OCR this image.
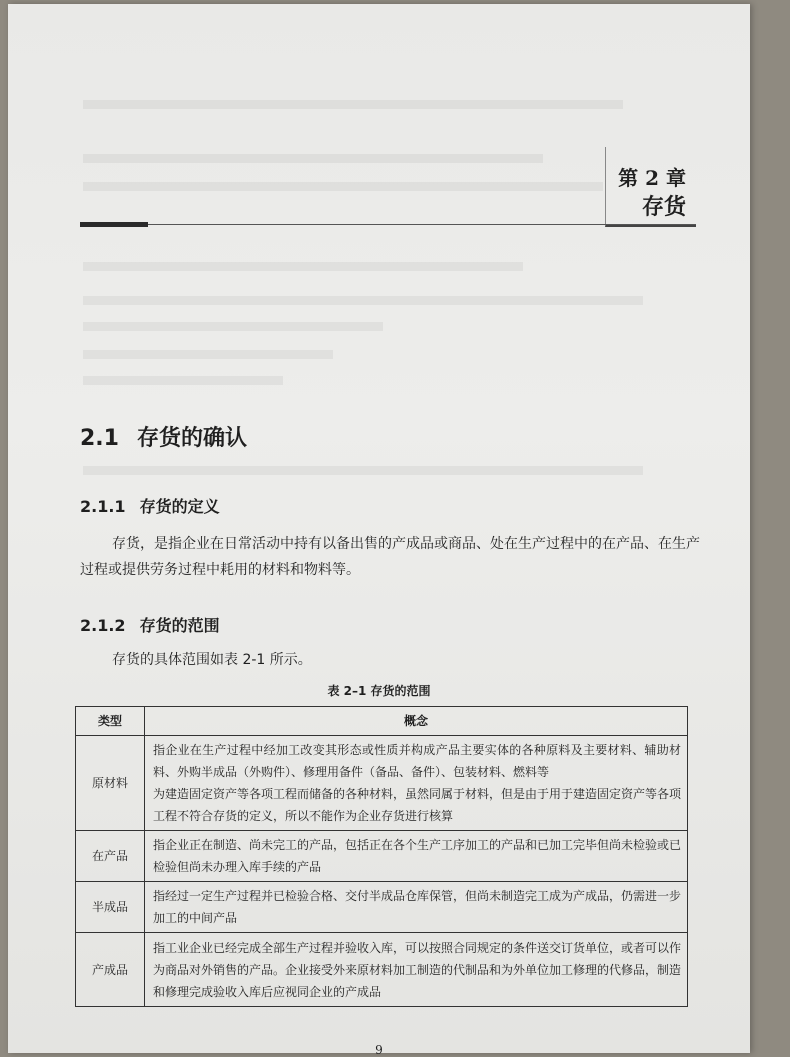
第 2 章
存货
2.1 存货的确认
2.1.1 存货的定义
存货，是指企业在日常活动中持有以备出售的产成品或商品、处在生产过程中的在产品、在生产过程或提供劳务过程中耗用的材料和物料等。
2.1.2 存货的范围
存货的具体范围如表 2-1 所示。
表 2–1 存货的范围
类型	概念
原材料	指企业在生产过程中经加工改变其形态或性质并构成产品主要实体的各种原料及主要材料、辅助材料、外购半成品（外购件）、修理用备件（备品、备件）、包装材料、燃料等
为建造固定资产等各项工程而储备的各种材料，虽然同属于材料，但是由于用于建造固定资产等各项工程不符合存货的定义，所以不能作为企业存货进行核算

在产品	指企业正在制造、尚未完工的产品，包括正在各个生产工序加工的产品和已加工完毕但尚未检验或已检验但尚未办理入库手续的产品
半成品	指经过一定生产过程并已检验合格、交付半成品仓库保管，但尚未制造完工成为产成品，仍需进一步加工的中间产品
产成品	指工业企业已经完成全部生产过程并验收入库，可以按照合同规定的条件送交订货单位，或者可以作为商品对外销售的产品。企业接受外来原材料加工制造的代制品和为外单位加工修理的代修品，制造和修理完成验收入库后应视同企业的产成品
9
